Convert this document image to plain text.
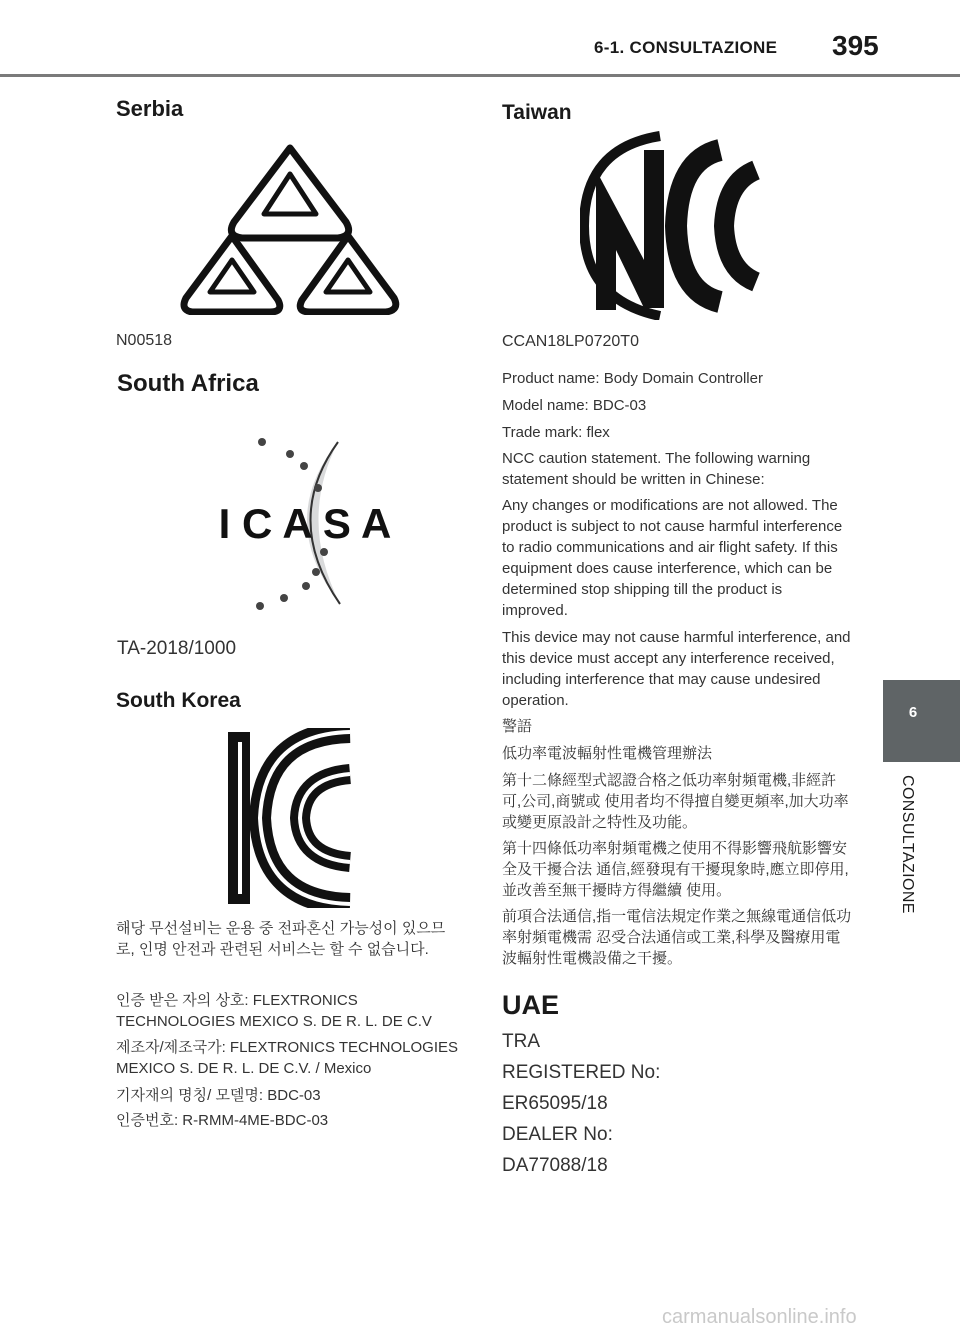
6-1. CONSULTAZIONE 395
6
CONSULTAZIONE
Serbia
N00518
South Africa
I C A S A
TA-2018/1000
South Korea
해당 무선설비는 운용 중 전파혼신 가능성이 있으므로, 인명 안전과 관련된 서비스는 할 수 없습니다.
인증 받은 자의 상호: FLEXTRONICS TECHNOLOGIES MEXICO S. DE R. L. DE C.V
제조자/제조국가: FLEXTRONICS TECHNOLOGIES MEXICO S. DE R. L. DE C.V. / Mexico
기자재의 명칭/ 모델명: BDC-03
인증번호: R-RMM-4ME-BDC-03
Taiwan
CCAN18LP0720T0
Product name: Body Domain Controller
Model name: BDC-03
Trade mark: flex
NCC caution statement. The following warning statement should be written in Chinese:
Any changes or modifications are not allowed. The product is subject to not cause harmful interference to radio communications and air flight safety. If this equipment does cause interference, which can be determined stop shipping till the product is improved.
This device may not cause harmful interference, and this device must accept any interference received, including interference that may cause undesired operation.
警語
低功率電波輻射性電機管理辦法
第十二條經型式認證合格之低功率射頻電機,非經許可,公司,商號或 使用者均不得擅自變更頻率,加大功率或變更原設計之特性及功能。
第十四條低功率射頻電機之使用不得影響飛航影響安全及干擾合法 通信,經發現有干擾現象時,應立即停用,並改善至無干擾時方得繼續 使用。
前項合法通信,指一電信法規定作業之無線電通信低功率射頻電機需 忍受合法通信或工業,科學及醫療用電波輻射性電機設備之干擾。
UAE
TRA
REGISTERED No:
ER65095/18
DEALER No:
DA77088/18
carmanualsonline.info
